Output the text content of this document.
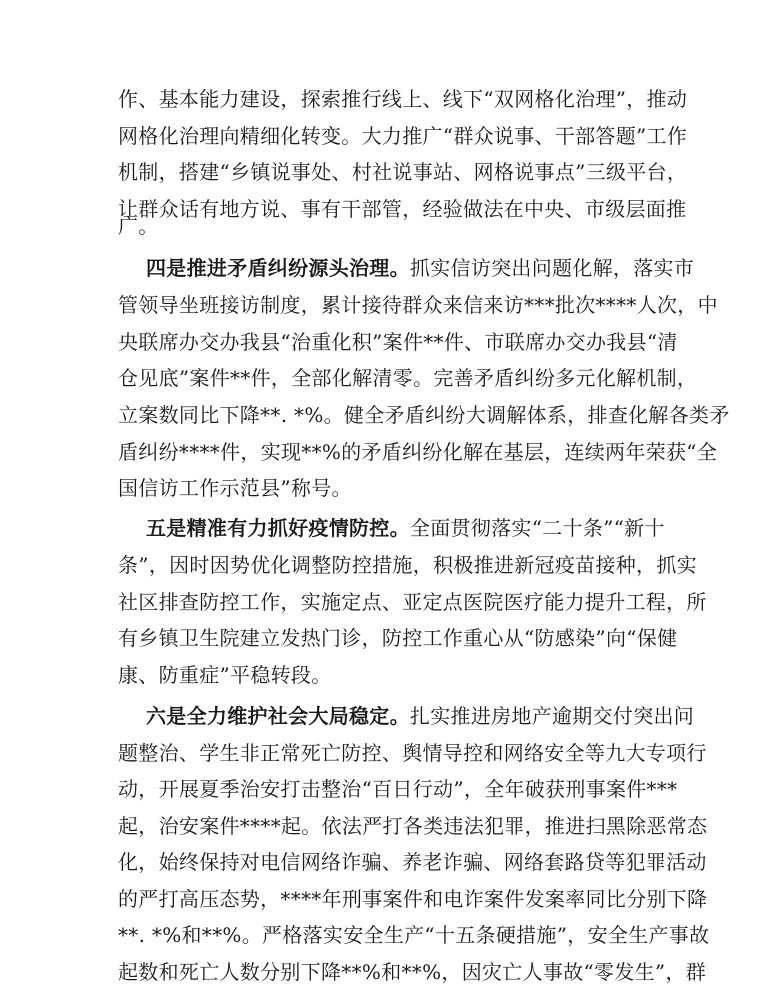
作、基本能力建设，探索推行线上、线下“双网格化治理”，推动
网格化治理向精细化转变。大力推广“群众说事、干部答题”工作
机制，搭建“乡镇说事处、村社说事站、网格说事点”三级平台，
让群众话有地方说、事有干部管，经验做法在中央、市级层面推
广。
四是推进矛盾纠纷源头治理。抓实信访突出问题化解，落实市
管领导坐班接访制度，累计接待群众来信来访***批次****人次，中
央联席办交办我县“治重化积”案件**件、市联席办交办我县“清
仓见底”案件**件，全部化解清零。完善矛盾纠纷多元化解机制，
立案数同比下降**. *%。健全矛盾纠纷大调解体系，排查化解各类矛
盾纠纷****件，实现**%的矛盾纠纷化解在基层，连续两年荣获“全
国信访工作示范县”称号。
五是精准有力抓好疫情防控。全面贯彻落实“二十条”“新十
条”，因时因势优化调整防控措施，积极推进新冠疫苗接种，抓实
社区排查防控工作，实施定点、亚定点医院医疗能力提升工程，所
有乡镇卫生院建立发热门诊，防控工作重心从“防感染”向“保健
康、防重症”平稳转段。
六是全力维护社会大局稳定。扎实推进房地产逾期交付突出问
题整治、学生非正常死亡防控、舆情导控和网络安全等九大专项行
动，开展夏季治安打击整治“百日行动”，全年破获刑事案件***
起，治安案件****起。依法严打各类违法犯罪，推进扫黑除恶常态
化，始终保持对电信网络诈骗、养老诈骗、网络套路贷等犯罪活动
的严打高压态势，****年刑事案件和电诈案件发案率同比分别下降
**. *%和**%。严格落实安全生产“十五条硬措施”，安全生产事故
起数和死亡人数分别下降**%和**%，因灾亡人事故“零发生”，群
